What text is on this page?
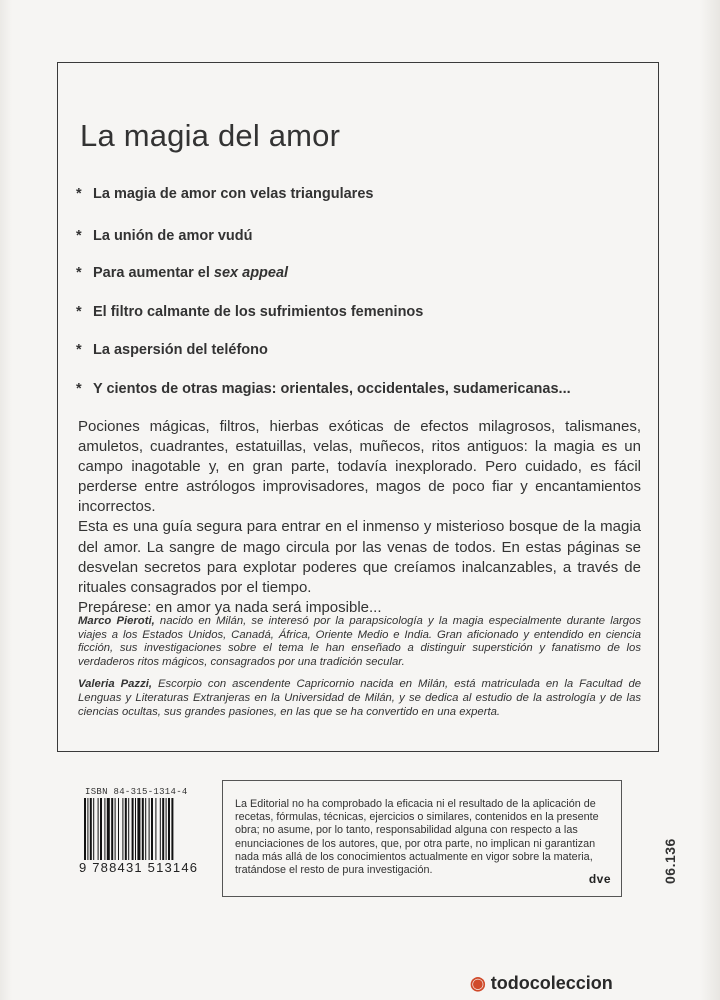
La magia del amor
* La magia de amor con velas triangulares
* La unión de amor vudú
* Para aumentar el sex appeal
* El filtro calmante de los sufrimientos femeninos
* La aspersión del teléfono
* Y cientos de otras magias: orientales, occidentales, sudamericanas...

Pociones mágicas, filtros, hierbas exóticas de efectos milagrosos, talismanes, amuletos, cuadrantes, estatuillas, velas, muñecos, ritos antiguos: la magia es un campo inagotable y, en gran parte, todavía inexplorado. Pero cuidado, es fácil perderse entre astrólogos improvisadores, magos de poco fiar y encantamientos incorrectos.

Esta es una guía segura para entrar en el inmenso y misterioso bosque de la magia del amor. La sangre de mago circula por las venas de todos. En estas páginas se desvelan secretos para explotar poderes que creíamos inalcanzables, a través de rituales consagrados por el tiempo.

Prepárese: en amor ya nada será imposible...

Marco Pieroti, nacido en Milán, se interesó por la parapsicología y la magia especialmente durante largos viajes a los Estados Unidos, Canadá, África, Oriente Medio e India. Gran aficionado y entendido en ciencia ficción, sus investigaciones sobre el tema le han enseñado a distinguir superstición y fanatismo de los verdaderos ritos mágicos, consagrados por una tradición secular.

Valeria Pazzi, Escorpio con ascendente Capricornio nacida en Milán, está matriculada en la Facultad de Lenguas y Literaturas Extranjeras en la Universidad de Milán, y se dedica al estudio de la astrología y de las ciencias ocultas, sus grandes pasiones, en las que se ha convertido en una experta.

ISBN 84-315-1314-4
9 788431 513146
La Editorial no ha comprobado la eficacia ni el resultado de la aplicación de recetas, fórmulas, técnicas, ejercicios o similares, contenidos en la presente obra; no asume, por lo tanto, responsabilidad alguna con respecto a las enunciaciones de los autores, que, por otra parte, no implican ni garantizan nada más allá de los conocimientos actualmente en vigor sobre la materia, tratándose el resto de pura investigación.
dve	06.136
◉ todocoleccion
